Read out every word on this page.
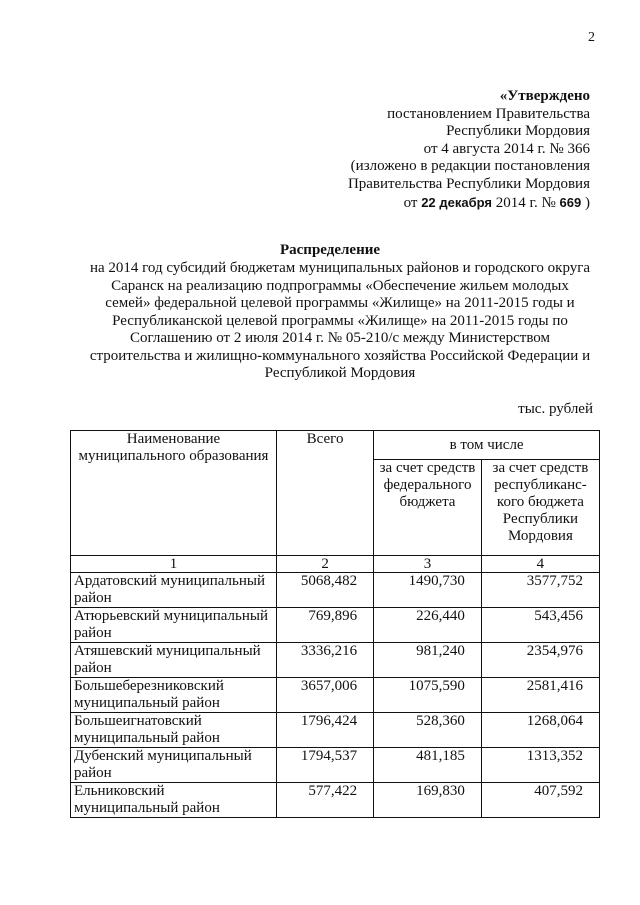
2
«Утверждено
постановлением Правительства
Республики Мордовия
от 4 августа 2014 г. № 366
(изложено в редакции постановления
Правительства Республики Мордовия
от 22 декабря 2014 г. № 669 )
Распределение
на 2014 год субсидий бюджетам муниципальных районов и городского округа
Саранск на реализацию подпрограммы «Обеспечение жильем молодых
семей» федеральной целевой программы «Жилище» на 2011-2015 годы и
Республиканской целевой программы «Жилище» на 2011-2015 годы по
Соглашению от 2 июля 2014 г. № 05-210/с между Министерством
строительства и жилищно-коммунального хозяйства Российской Федерации и
Республикой Мордовия
тыс. рублей
Наименование муниципального образования	Всего	в том числе	
		за счет средств федерального бюджета	за счет средств республиканс-кого бюджета Республики Мордовия
1	2	3	4
Ардатовский муниципальный район	5068,482	1490,730	3577,752
Атюрьевский муниципальный район	769,896	226,440	543,456
Атяшевский муниципальный район	3336,216	981,240	2354,976
Большеберезниковский муниципальный район	3657,006	1075,590	2581,416
Большеигнатовский муниципальный район	1796,424	528,360	1268,064
Дубенский муниципальный район	1794,537	481,185	1313,352
Ельниковский муниципальный район	577,422	169,830	407,592
